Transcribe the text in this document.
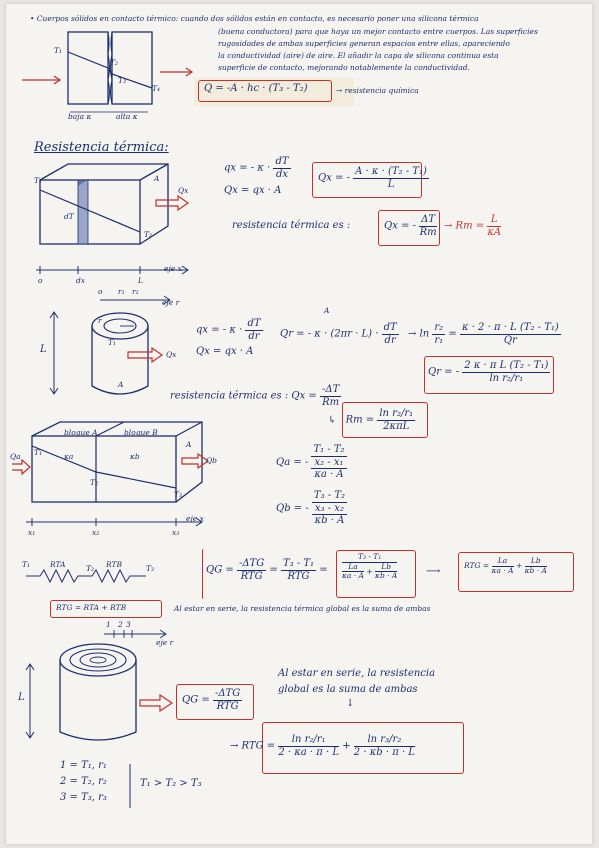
• Cuerpos sólidos en contacto térmico: cuando dos sólidos están en contacto, es necesario poner una silicona térmica
(buena conductora) para que haya un mejor contacto entre cuerpos. Las superficies
rugosidades de ambas superficies generan espacios entre ellas, apareciendo
la conductividad (aire) de aire. El añadir la capa de silicona continua esta
superficie de contacto, mejorando notablemente la conductividad.
T₁
T₂
T₃
T₄
baja κ	alta κ
Q = -A · hc · (T₃ - T₂)	→ resistencia química
Resistencia térmica:
T₁
T₂
A
dT
Qx
o	dx	L
eje x
qx = - $\kappa \cdot \frac{dT}{dx}$
Qx = qx · A
Qx = - $\frac{\text{A · κ · (T₂ - T₁)}}{L}$
resistencia térmica es :	Qx = - $\frac{\Delta T}{Rт}$ → Rт = $\frac{L}{\kappa A}$
o r₁ r₂
eje r
r
T₁
L
A
Qx
qx = - $\kappa \cdot \frac{dT}{dr}$
Qx = qx · A
A
Qr = - $\kappa \cdot (2\pi r \cdot L) \cdot \frac{dT}{dr} \to \ln \frac{\text{r₂}}{\text{r₁}} = \frac{\text{κ · 2 · π · L (T₂ - T₁)}}{Qr}$
Qr = - $\frac{\text{2 κ · π L (T₂ - T₁)}}{\text{ln r₂/r₁}}$
resistencia térmica es : $Qx = \frac{-\Delta T}{Rт}$
↳ Rт = $\frac{\text{ln r₂/r₁}}{\text{2κπL}}$
bloque A	bloque B
κa	κb
A
Qa	Qb
T₁
T₂
T₃
x₁	x₂	x₃
eje x
Qa = -
T₁ - T₂
x₂ - x₁
κa · A
Qb = -
T₃ - T₂
x₃ - x₂
κb · A
T₁	RTA	T₂ RTB	T₃
RTG = RTA + RTB
QG = $\frac{\text{-ΔTG}}{\text{RTG}} = \frac{\text{T₃ - T₁}}{\text{RTG}} = \frac{\text{T₃ - T₁}}{\frac{La}{\kappa a \cdot A} + \frac{Lb}{\kappa b \cdot A}}$	⟶
RTG = $\frac{La}{\kappa a \cdot A} + \frac{Lb}{\kappa b \cdot A}$
Al estar en serie, la resistencia térmica global es la suma de ambas
1 2 3
eje r
L
Al estar en serie, la resistencia
global es la suma de ambas
↓
QG = $\frac{\text{-ΔTG}}{\text{RTG}}$
→ RTG = $\frac{\text{ln r₂/r₁}}{2 \cdot \kappa a \cdot \pi \cdot L} + \frac{\text{ln r₃/r₂}}{2 \cdot \kappa b \cdot \pi \cdot L}$
1 = T₁, r₁
2 = T₂, r₂
3 = T₃, r₃
T₁ > T₂ > T₃
